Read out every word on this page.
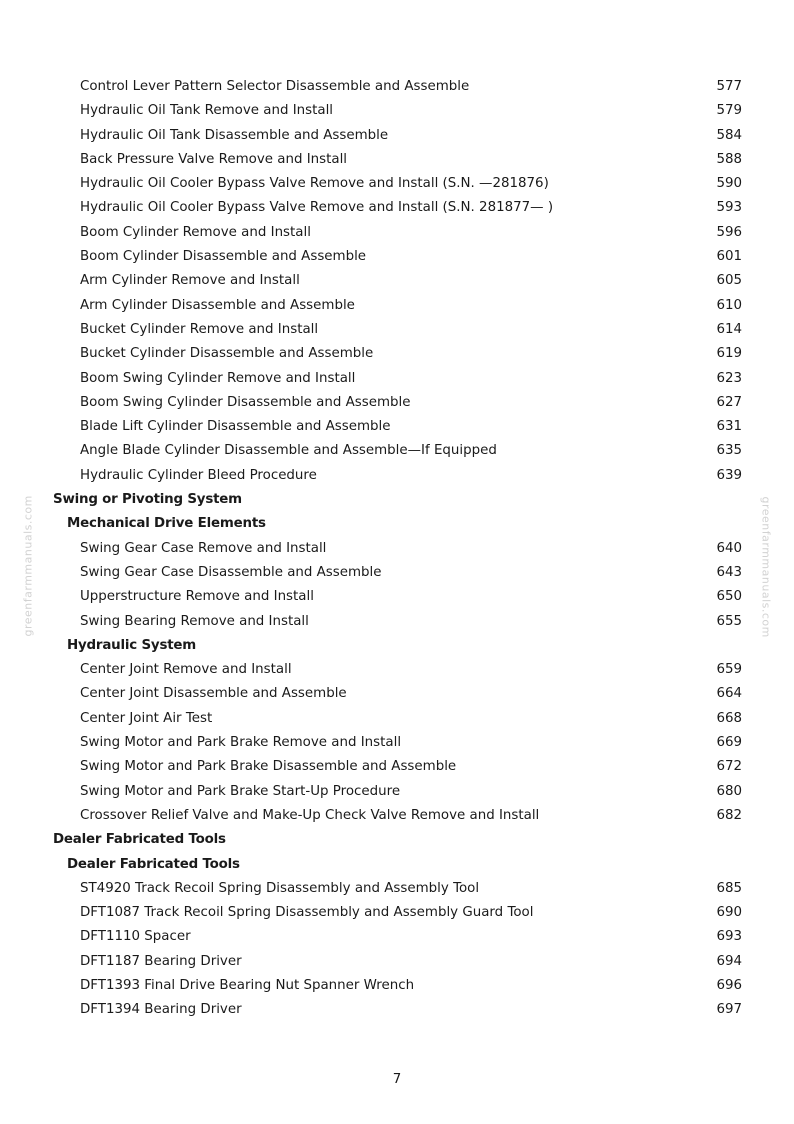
greenfarmmanuals.com	greenfarmmanuals.com
Control Lever Pattern Selector Disassemble and Assemble	577
Hydraulic Oil Tank Remove and Install	579
Hydraulic Oil Tank Disassemble and Assemble	584
Back Pressure Valve Remove and Install	588
Hydraulic Oil Cooler Bypass Valve Remove and Install (S.N. —281876)	590
Hydraulic Oil Cooler Bypass Valve Remove and Install (S.N. 281877— )	593
Boom Cylinder Remove and Install	596
Boom Cylinder Disassemble and Assemble	601
Arm Cylinder Remove and Install	605
Arm Cylinder Disassemble and Assemble	610
Bucket Cylinder Remove and Install	614
Bucket Cylinder Disassemble and Assemble	619
Boom Swing Cylinder Remove and Install	623
Boom Swing Cylinder Disassemble and Assemble	627
Blade Lift Cylinder Disassemble and Assemble	631
Angle Blade Cylinder Disassemble and Assemble—If Equipped	635
Hydraulic Cylinder Bleed Procedure	639
Swing or Pivoting System
Mechanical Drive Elements
Swing Gear Case Remove and Install	640
Swing Gear Case Disassemble and Assemble	643
Upperstructure Remove and Install	650
Swing Bearing Remove and Install	655
Hydraulic System
Center Joint Remove and Install	659
Center Joint Disassemble and Assemble	664
Center Joint Air Test	668
Swing Motor and Park Brake Remove and Install	669
Swing Motor and Park Brake Disassemble and Assemble	672
Swing Motor and Park Brake Start-Up Procedure	680
Crossover Relief Valve and Make-Up Check Valve Remove and Install	682
Dealer Fabricated Tools
Dealer Fabricated Tools
ST4920 Track Recoil Spring Disassembly and Assembly Tool	685
DFT1087 Track Recoil Spring Disassembly and Assembly Guard Tool	690
DFT1110 Spacer	693
DFT1187 Bearing Driver	694
DFT1393 Final Drive Bearing Nut Spanner Wrench	696
DFT1394 Bearing Driver	697
7
